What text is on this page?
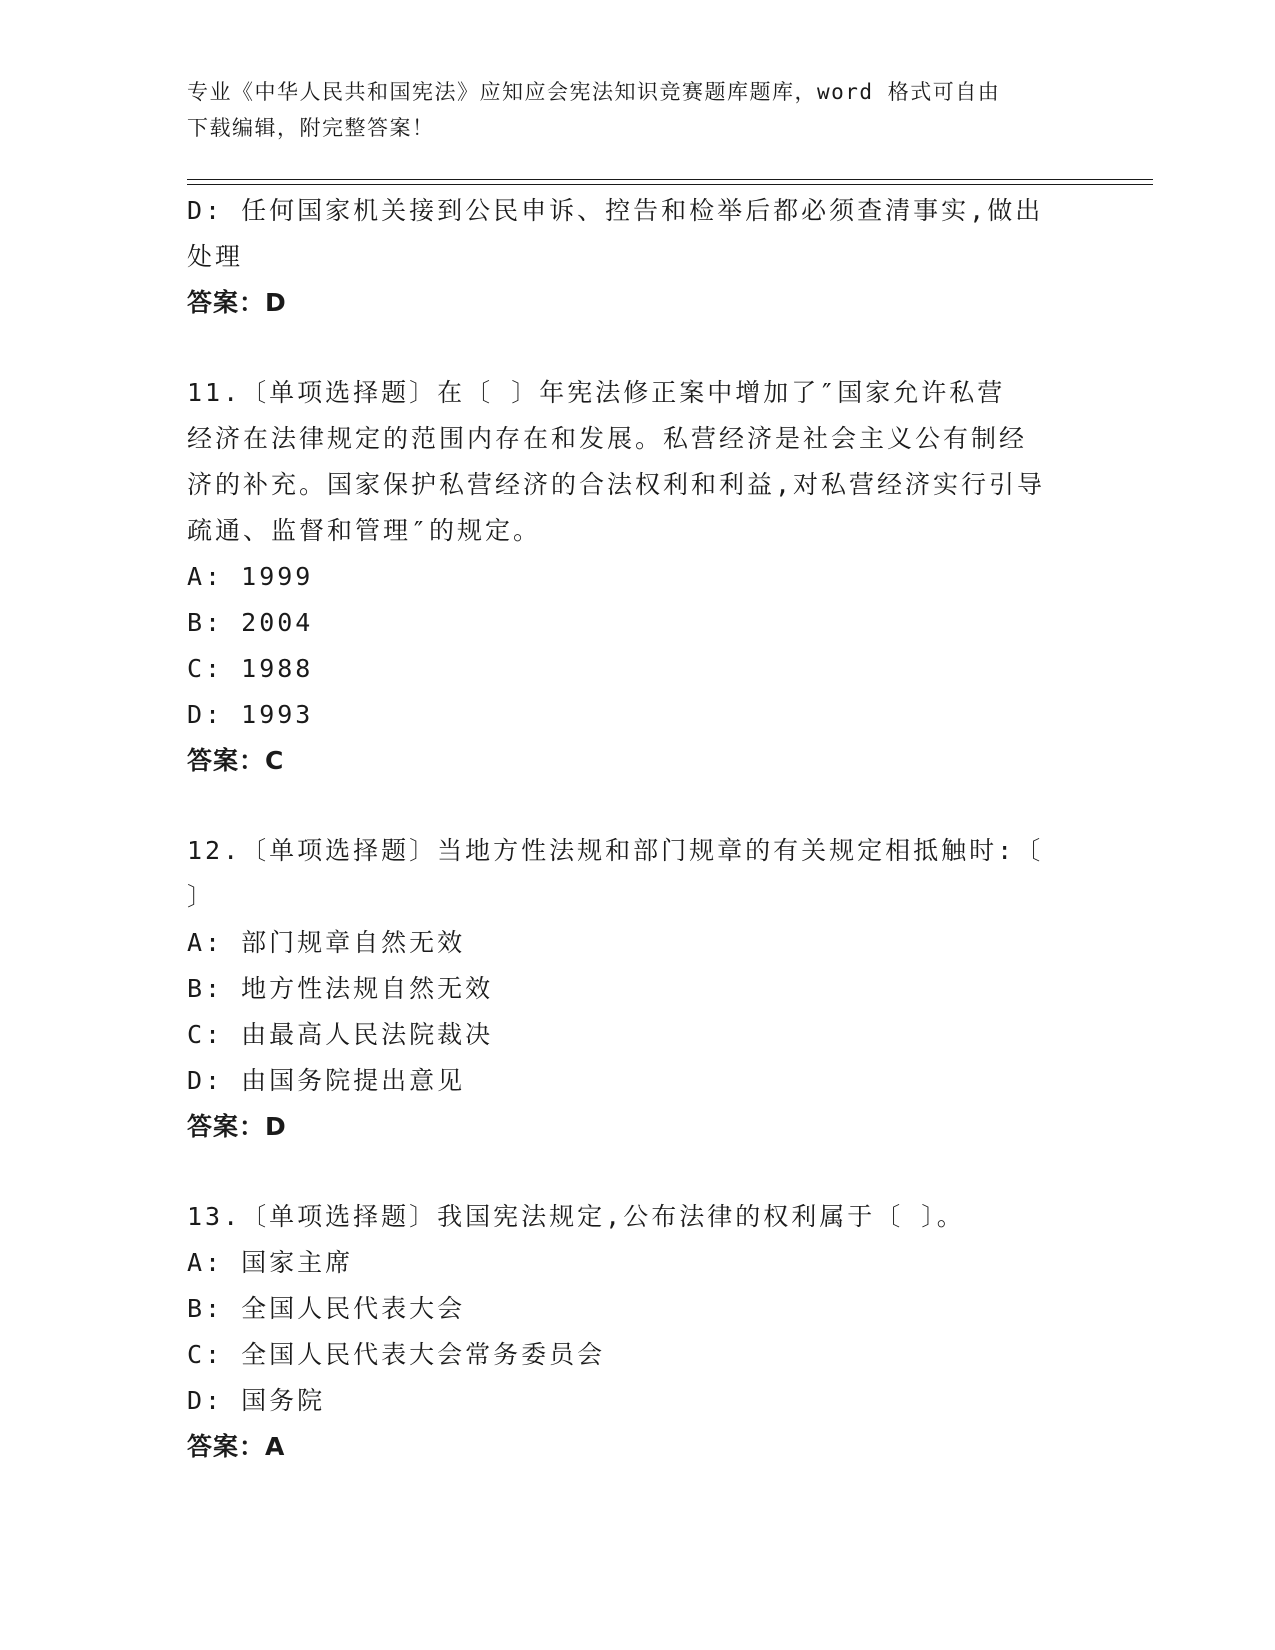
专业《中华人民共和国宪法》应知应会宪法知识竞赛题库题库，word 格式可自由
下载编辑，附完整答案！
D: 任何国家机关接到公民申诉、控告和检举后都必须查清事实,做出
处理
答案：D
11.〔单项选择题〕在〔 〕年宪法修正案中增加了″国家允许私营
经济在法律规定的范围内存在和发展。私营经济是社会主义公有制经
济的补充。国家保护私营经济的合法权利和利益,对私营经济实行引导
疏通、监督和管理″的规定。
A: 1999
B: 2004
C: 1988
D: 1993
答案：C
12.〔单项选择题〕当地方性法规和部门规章的有关规定相抵触时:〔
〕
A: 部门规章自然无效
B: 地方性法规自然无效
C: 由最高人民法院裁决
D: 由国务院提出意见
答案：D
13.〔单项选择题〕我国宪法规定,公布法律的权利属于〔 〕。
A: 国家主席
B: 全国人民代表大会
C: 全国人民代表大会常务委员会
D: 国务院
答案：A
